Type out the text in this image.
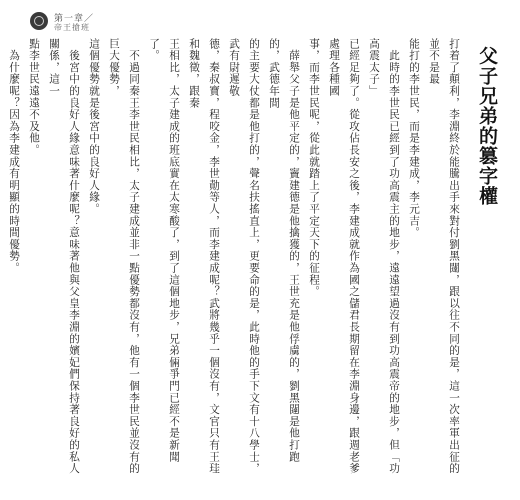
第一章／
帝王搶班
父子兄弟的篡字權
打着了顛利，李淵終於能騰出手來對付劉黑闥，跟以往不同的是，這一次率軍出征的並不是最
能打的李世民，而是李建成，李元吉。
　此時的李世民已經到了功高震主的地步，遠遠望過沒有到功高震帝的地步，但「功高震太子」
已經足夠了。從攻佔長安之後，李建成就作為國之儲君長期留在李淵身邊，跟週老爹處理各種國
事，而李世民呢，從此就踏上了平定天下的征程。
　薛舉父子是他平定的，竇建德是他擒獲的，王世充是他俘虜的，劉黑闥是他打跑的，武德年間
的主要大仗都是他打的，聲名扶搖直上，更要命的是，此時他的手下文有十八學士，武有尉遲敬
德，秦叔寶，程咬金，李世勣等人，而李建成呢？武將幾乎一個沒有，文官只有王珪和魏徵，跟秦
王相比，太子建成的班底實在太寒酸了，到了這個地步，兄弟倆爭門已經不是新聞了。
　不過同秦王李世民相比，太子建成並非一點優勢都沒有，他有一個李世民並沒有的巨大優勢，
這個優勢就是後宮中的良好人緣。
　後宮中的良好人緣意味著什麼呢？意味著他與父皇李淵的嬪妃們保持著良好的私人關係，這一
點李世民遠遠不及他。
　為什麼呢？因為李建成有明顯的時間優勢。
